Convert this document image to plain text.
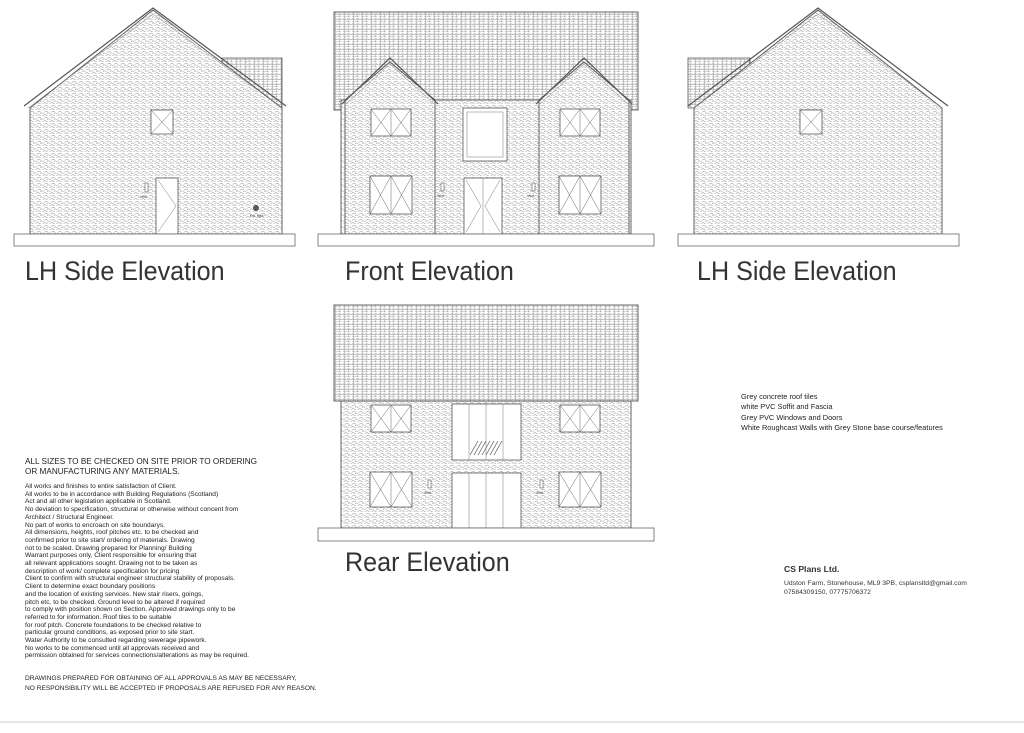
Vent
Ext. light
Vent	Vent
Vent	Vent
LH Side Elevation	Front Elevation	LH Side Elevation
Rear Elevation
ALL SIZES TO BE CHECKED ON SITE PRIOR TO ORDERING
OR MANUFACTURING ANY MATERIALS.
All works and finishes to entire satisfaction of Client.
All works to be in accordance with Building Regulations (Scotland)
Act and all other legislation applicable in Scotland.
No deviation to specification, structural or otherwise without concent from
Architect / Structural Engineer.
No part of works to encroach on site boundarys.
All dimensions, heights, roof pitches etc. to be checked and
confirmed prior to site start/ ordering of materials. Drawing
not to be scaled. Drawing prepared for Planning/ Building
Warrant purposes only, Client responsible for ensuring that
all relevant applications sought. Drawing not to be taken as
description of work/ complete specification for pricing
Client to confirm with structural engineer structural stability of proposals.
Client to determine exact boundary positions
and the location of existing services. New stair risers, goings,
pitch etc. to be checked. Ground level to be altered if required
to comply with position shown on Section. Approved drawings only to be
referred to for information. Roof tiles to be suitable
for roof pitch. Concrete foundations to be checked relative to
particular ground conditions, as exposed prior to site start.
Water Authority to be consulted regarding sewerage pipework.
No works to be commenced until all approvals received and
permission obtained for services connections/alterations as may be required.
DRAWINGS PREPARED FOR OBTAINING OF ALL APPROVALS AS MAY BE NECESSARY,
NO RESPONSIBILITY WILL BE ACCEPTED IF PROPOSALS ARE REFUSED FOR ANY REASON.
Grey concrete roof tiles
white PVC Soffit and Fascia
Grey PVC Windows and Doors
White Roughcast Walls with Grey Stone base course/features
CS Plans Ltd.
Udston Farm, Stonehouse, ML9 3PB, csplansltd@gmail.com
07584309150, 07775706372
